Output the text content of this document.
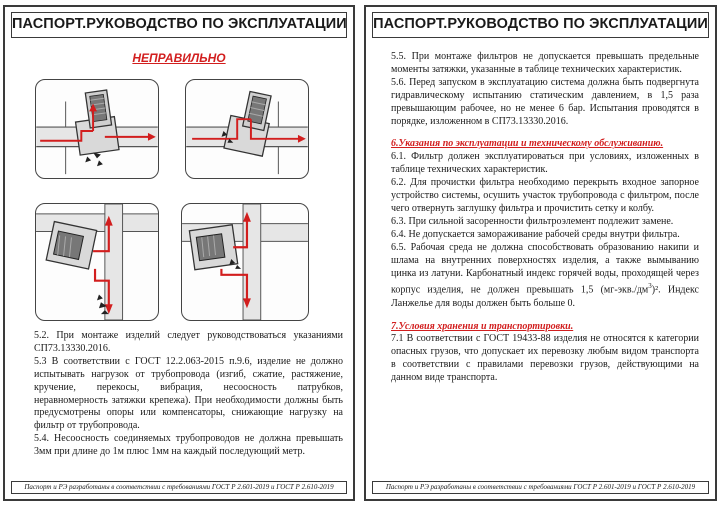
ПАСПОРТ.РУКОВОДСТВО ПО ЭКСПЛУАТАЦИИ
НЕПРАВИЛЬНО

5.2. При монтаже изделий следует руководствоваться указаниями СП73.13330.2016.

5.3 В соответствии с ГОСТ 12.2.063-2015 п.9.6, изделие не должно испытывать нагрузок от трубопровода (изгиб, сжатие, растяжение, кручение, перекосы, вибрация, несоосность патрубков, неравномерность затяжки крепежа). При необходимости должны быть предусмотрены опоры или компенсаторы, снижающие нагрузку на фильтр от трубопровода.

5.4. Несоосность соединяемых трубопроводов не должна превышать 3мм при длине до 1м плюс 1мм на каждый последующий метр.

Паспорт и РЭ разработаны в соответствии с требованиями ГОСТ Р 2.601-2019 и ГОСТ Р 2.610-2019
ПАСПОРТ.РУКОВОДСТВО ПО ЭКСПЛУАТАЦИИ

5.5. При монтаже фильтров не допускается превышать предельные моменты затяжки, указанные в таблице технических характеристик.

5.6. Перед запуском в эксплуатацию система должна быть подвергнута гидравлическому испытанию статическим давлением, в 1,5 раза превышающим рабочее, но не менее 6 бар. Испытания проводятся в порядке, изложенном в СП73.13330.2016.

6.Указания по эксплуатации и техническому обслуживанию.

6.1. Фильтр должен эксплуатироваться при условиях, изложенных в таблице технических характеристик.

6.2. Для прочистки фильтра необходимо перекрыть входное запорное устройство системы, осушить участок трубопровода с фильтром, после чего отвернуть заглушку фильтра и прочистить сетку и колбу.

6.3. При сильной засоренности фильтроэлемент подлежит замене.

6.4. Не допускается замораживание рабочей среды внутри фильтра.

6.5. Рабочая среда не должна способствовать образованию накипи и шлама на внутренних поверхностях изделия, а также вымыванию цинка из латуни. Карбонатный индекс горячей воды, проходящей через корпус изделия, не должен превышать 1,5 $(мг-экв./дм^3)^2$. Индекс Ланжелье для воды должен быть больше 0.

7.Условия хранения и транспортировки.

7.1 В соответствии с ГОСТ 19433-88 изделия не относятся к категории опасных грузов, что допускает их перевозку любым видом транспорта в соответствии с правилами перевозки грузов, действующими на данном виде транспорта.

Паспорт и РЭ разработаны в соответствии с требованиями ГОСТ Р 2.601-2019 и ГОСТ Р 2.610-2019
